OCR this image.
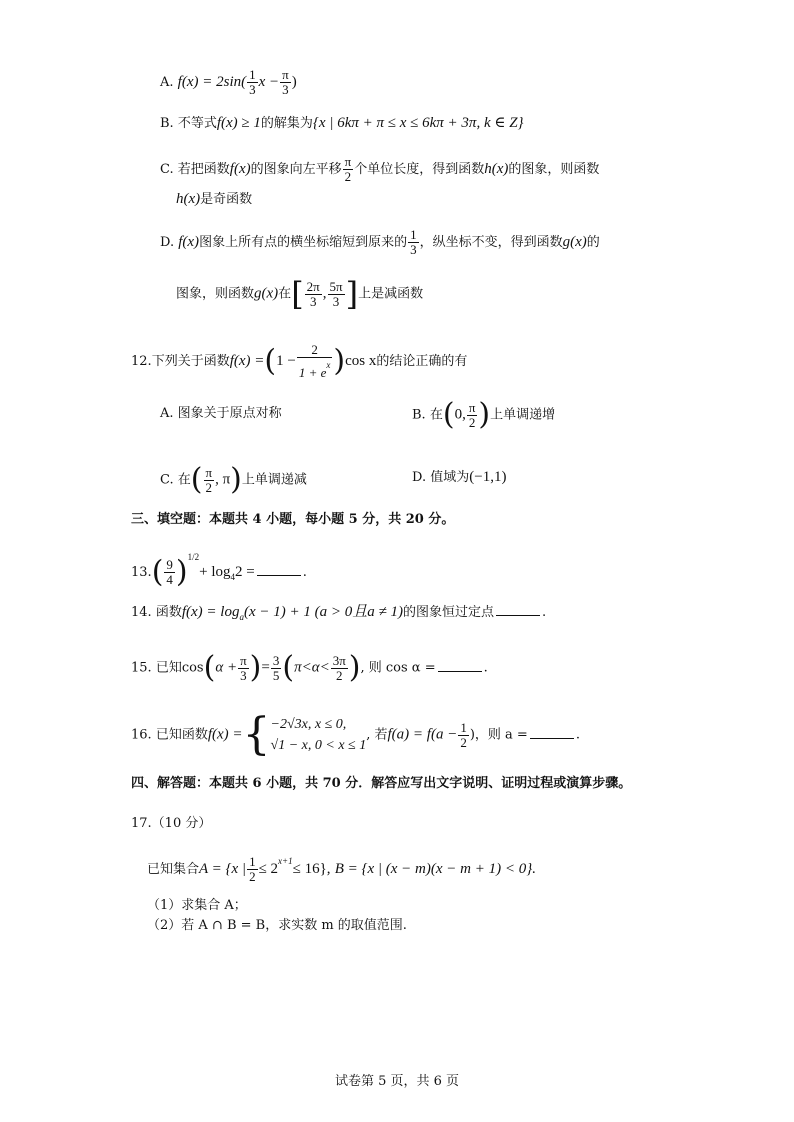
A. $f(x) = 2\sin( \frac{1}{3}$ $x - \frac{\pi}{3}$ )
B. 不等式f(x) ≥ 1的解集为{x | 6kπ + π ≤ x ≤ 6kπ + 3π, k ∈ Z}
C. 若把函数f(x)的图象向左平移 $\frac{\pi}{2}$ 个单位长度，得到函数h(x)的图象，则函数
h(x)是奇函数
D. f(x)图象上所有点的横坐标缩短到原来的 $\frac{1}{3}$ ，纵坐标不变，得到函数g(x)的
图象，则函数g(x)在[ $\frac{2\pi}{3}$ , $\frac{5\pi}{3}$ ]上是减函数
12.下列关于函数$f(x) =(1 - \frac{2}{1 + e^x} )\cos$ x的结论正确的有
A. 图象关于原点对称	B. 在(0, $\frac{\pi}{2}$ )上单调递增
C. 在( $\frac{\pi}{2}$ , π)上单调递减	D. 值域为(−1,1)
三、填空题：本题共 4 小题，每小题 5 分，共 20 分。
$13.( \frac{9}{4} )^{1/2}+ \log_42$ =	.
14. 函数$f(x) = \log_a(x - 1) + 1$ (a > 0且a ≠ 1)的图象恒过定点	.
15. 已知$\cos(\alpha + \frac{\pi}{3}$ )= $\frac{3}{5} (\pi<\alpha< \frac{3\pi}{2}$ ), 则 cos α =	.
16. 已知函数f(x) ={ −2√3x, x ≤ 0,
√1 − x, 0 < x ≤ 1
, 若$f(a) = f(a - \frac{1}{2}$ )，则 a =	.
四、解答题：本题共 6 小题，共 70 分．解答应写出文字说明、证明过程或演算步骤。
17.（10 分）
已知集合A = {x | $\frac{1}{2} \le 2^{x+1}\le 16$}, B = {x | (x − m)(x − m + 1) < 0}.
（1）求集合 A；
（2）若 A ∩ B = B，求实数 m 的取值范围.
试卷第 5 页，共 6 页
